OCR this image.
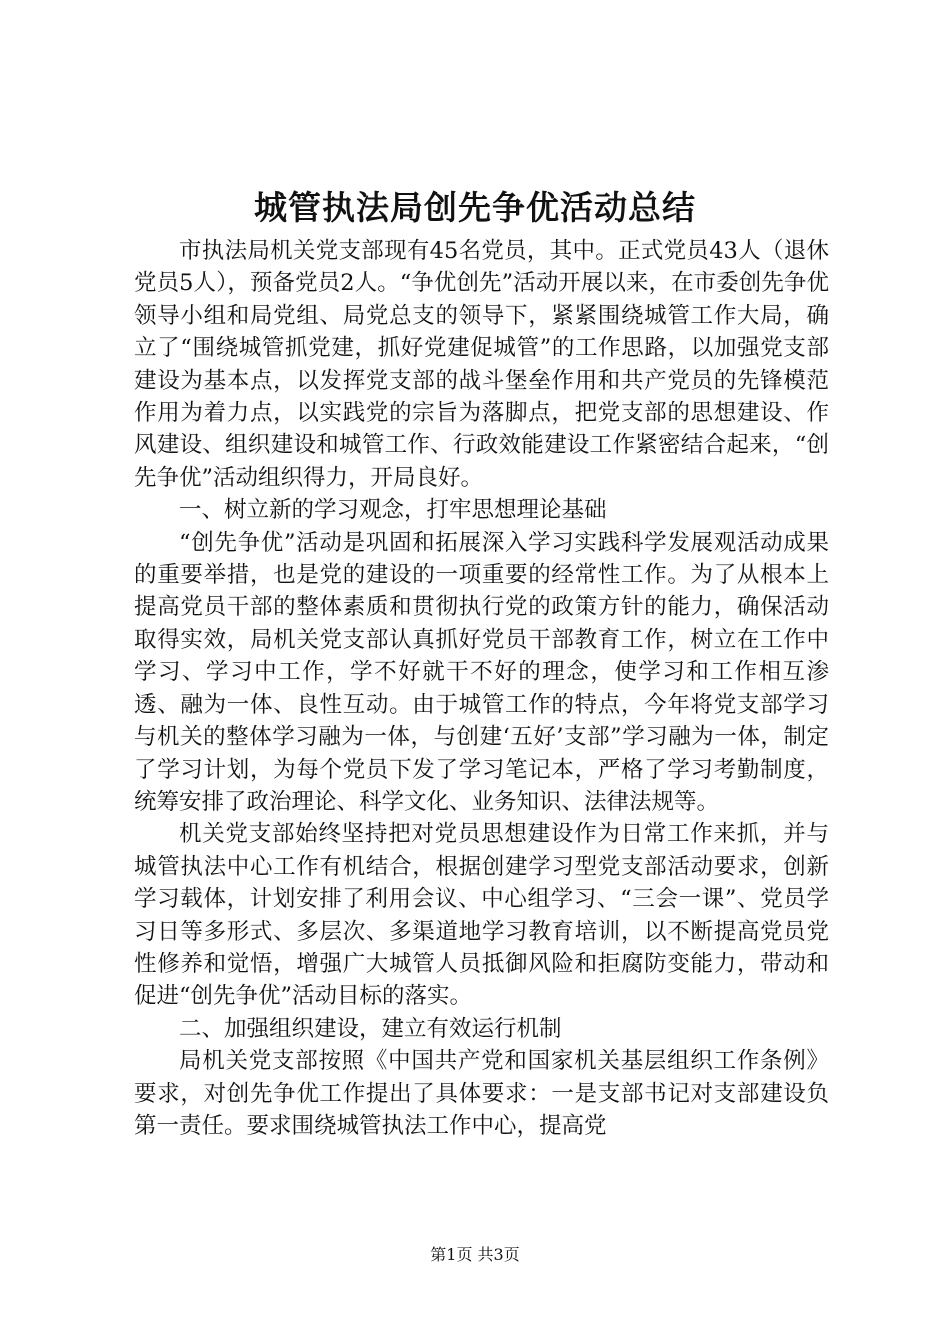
城管执法局创先争优活动总结

市执法局机关党支部现有45名党员，其中。正式党员43人（退休党员5人），预备党员2人。“争优创先”活动开展以来，在市委创先争优领导小组和局党组、局党总支的领导下，紧紧围绕城管工作大局，确立了“围绕城管抓党建，抓好党建促城管”的工作思路，以加强党支部建设为基本点，以发挥党支部的战斗堡垒作用和共产党员的先锋模范作用为着力点，以实践党的宗旨为落脚点，把党支部的思想建设、作风建设、组织建设和城管工作、行政效能建设工作紧密结合起来，“创先争优”活动组织得力，开局良好。

一、树立新的学习观念，打牢思想理论基础

“创先争优”活动是巩固和拓展深入学习实践科学发展观活动成果的重要举措，也是党的建设的一项重要的经常性工作。为了从根本上提高党员干部的整体素质和贯彻执行党的政策方针的能力，确保活动取得实效，局机关党支部认真抓好党员干部教育工作，树立在工作中学习、学习中工作，学不好就干不好的理念，使学习和工作相互渗透、融为一体、良性互动。由于城管工作的特点，今年将党支部学习与机关的整体学习融为一体，与创建‘五好’支部”学习融为一体，制定了学习计划，为每个党员下发了学习笔记本，严格了学习考勤制度，统筹安排了政治理论、科学文化、业务知识、法律法规等。

机关党支部始终坚持把对党员思想建设作为日常工作来抓，并与城管执法中心工作有机结合，根据创建学习型党支部活动要求，创新学习载体，计划安排了利用会议、中心组学习、“三会一课”、党员学习日等多形式、多层次、多渠道地学习教育培训，以不断提高党员党性修养和觉悟，增强广大城管人员抵御风险和拒腐防变能力，带动和促进“创先争优”活动目标的落实。

二、加强组织建设，建立有效运行机制

局机关党支部按照《中国共产党和国家机关基层组织工作条例》要求，对创先争优工作提出了具体要求：一是支部书记对支部建设负第一责任。要求围绕城管执法工作中心，提高党

第1页 共3页
